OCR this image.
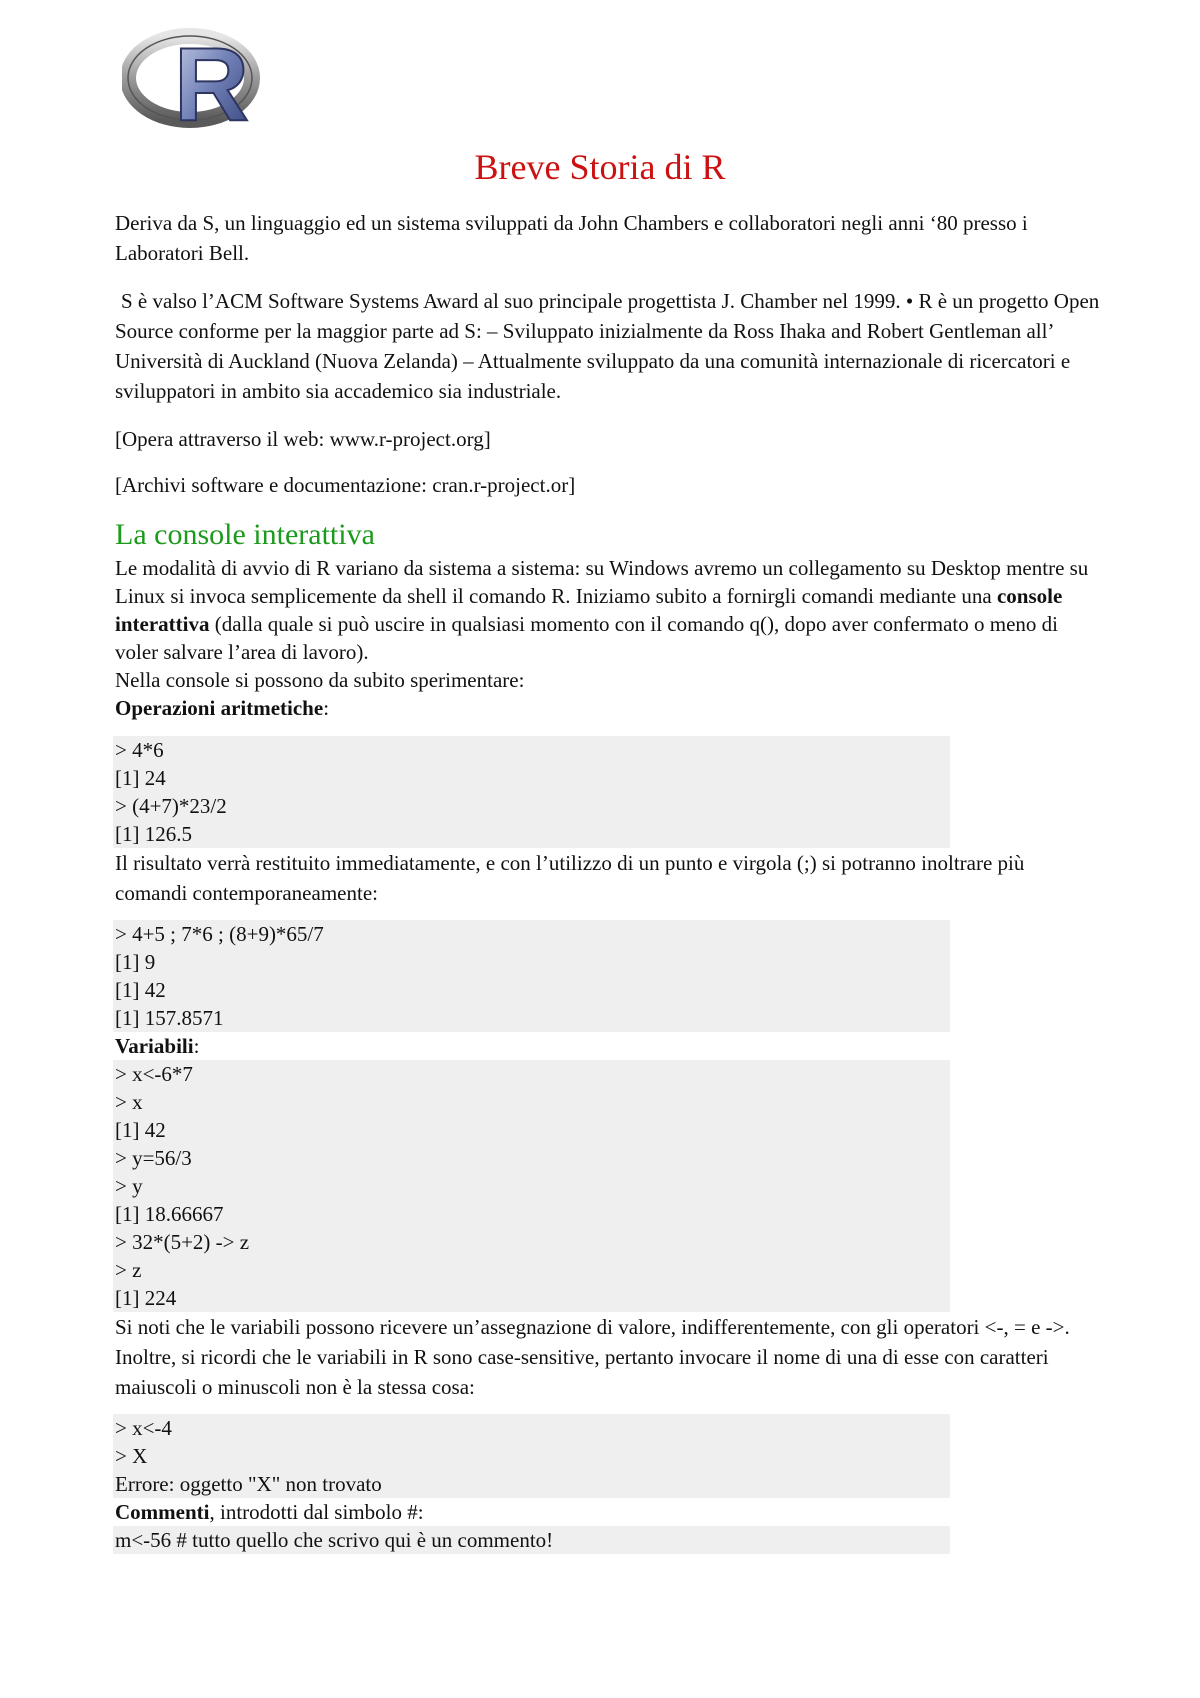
R
Breve Storia di R
Deriva da S, un linguaggio ed un sistema sviluppati da John Chambers e collaboratori negli anni ‘80 presso i Laboratori Bell.
S è valso l’ACM Software Systems Award al suo principale progettista J. Chamber nel 1999. • R è un progetto Open Source conforme per la maggior parte ad S: – Sviluppato inizialmente da Ross Ihaka and Robert Gentleman all’ Università di Auckland (Nuova Zelanda) – Attualmente sviluppato da una comunità internazionale di ricercatori e sviluppatori in ambito sia accademico sia industriale.
[Opera attraverso il web: www.r-project.org]
[Archivi software e documentazione: cran.r-project.or]
La console interattiva
Le modalità di avvio di R variano da sistema a sistema: su Windows avremo un collegamento su Desktop mentre su Linux si invoca semplicemente da shell il comando R. Iniziamo subito a fornirgli comandi mediante una console interattiva (dalla quale si può uscire in qualsiasi momento con il comando q(), dopo aver confermato o meno di voler salvare l’area di lavoro).
Nella console si possono da subito sperimentare:
Operazioni aritmetiche:
> 4*6
[1] 24
> (4+7)*23/2
[1] 126.5
Il risultato verrà restituito immediatamente, e con l’utilizzo di un punto e virgola (;) si potranno inoltrare più comandi contemporaneamente:
> 4+5 ; 7*6 ; (8+9)*65/7
[1] 9
[1] 42
[1] 157.8571
Variabili:
> x<-6*7
> x
[1] 42
> y=56/3
> y
[1] 18.66667
> 32*(5+2) -> z
> z
[1] 224
Si noti che le variabili possono ricevere un’assegnazione di valore, indifferentemente, con gli operatori <-, = e ->. Inoltre, si ricordi che le variabili in R sono case-sensitive, pertanto invocare il nome di una di esse con caratteri maiuscoli o minuscoli non è la stessa cosa:
> x<-4
> X
Errore: oggetto "X" non trovato
Commenti, introdotti dal simbolo #:
m<-56 # tutto quello che scrivo qui è un commento!
